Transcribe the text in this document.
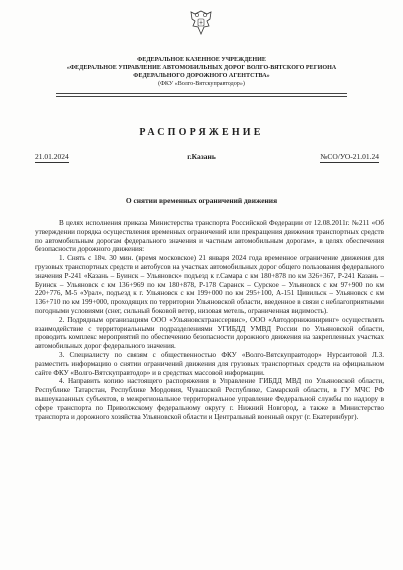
ФЕДЕРАЛЬНОЕ КАЗЕННОЕ УЧРЕЖДЕНИЕ
«ФЕДЕРАЛЬНОЕ УПРАВЛЕНИЕ АВТОМОБИЛЬНЫХ ДОРОГ ВОЛГО-ВЯТСКОГО РЕГИОНА
ФЕДЕРАЛЬНОГО ДОРОЖНОГО АГЕНТСТВА»
(ФКУ «Волго-Вятскуправтодор»)
РАСПОРЯЖЕНИЕ
21.01.2024	г.Казань	№СО/УО-21.01.24
О снятии временных ограничений движения

В целях исполнения приказа Министерства транспорта Российской Федерации от 12.08.2011г. №211 «Об утверждении порядка осуществления временных ограничений или прекращения движения транспортных средств по автомобильным дорогам федерального значения и частным автомобильным дорогам», в целях обеспечения безопасности дорожного движения:

1. Снять с 18ч. 30 мин. (время московское) 21 января 2024 года временное ограничение движения для грузовых транспортных средств и автобусов на участках автомобильных дорог общего пользования федерального значения Р-241 «Казань – Буинск – Ульяновск» подъезд к г.Самара с км 180+878 по км 326+367, Р-241 Казань – Буинск – Ульяновск с км 136+969 по км 180+878, Р-178 Саранск – Сурское – Ульяновск с км 97+900 по км 220+776, М-5 «Урал», подъезд к г. Ульяновск с км 199+000 по км 295+100, А-151 Цивильск – Ульяновск с км 136+710 по км 199+000, проходящих по территории Ульяновской области, введенное в связи с неблагоприятными погодными условиями (снег, сильный боковой ветер, низовая метель, ограниченная видимость).

2. Подрядным организациям ООО «Ульяновсктранссервис», ООО «Автодорнижиниринг» осуществлять взаимодействие с территориальными подразделениями УГИБДД УМВД России по Ульяновской области, проводить комплекс мероприятий по обеспечению безопасности дорожного движения на закрепленных участках автомобильных дорог федерального значения.

3. Специалисту по связям с общественностью ФКУ «Волго-Вятскуправтодор» Нурсаитовой Л.З. разместить информацию о снятии ограничений движения для грузовых транспортных средств на официальном сайте ФКУ «Волго-Вятскуправтодор» и в средствах массовой информации.

4. Направить копию настоящего распоряжения в Управление ГИБДД МВД по Ульяновской области, Республике Татарстан, Республике Мордовия, Чувашской Республике, Самарской области, в ГУ МЧС РФ вышеуказанных субъектов, в межрегиональное территориальное управление Федеральной службы по надзору в сфере транспорта по Приволжскому федеральному округу г. Нижний Новгород, а также в Министерство транспорта и дорожного хозяйства Ульяновской области и Центральный военный округ (г. Екатеринбург).
